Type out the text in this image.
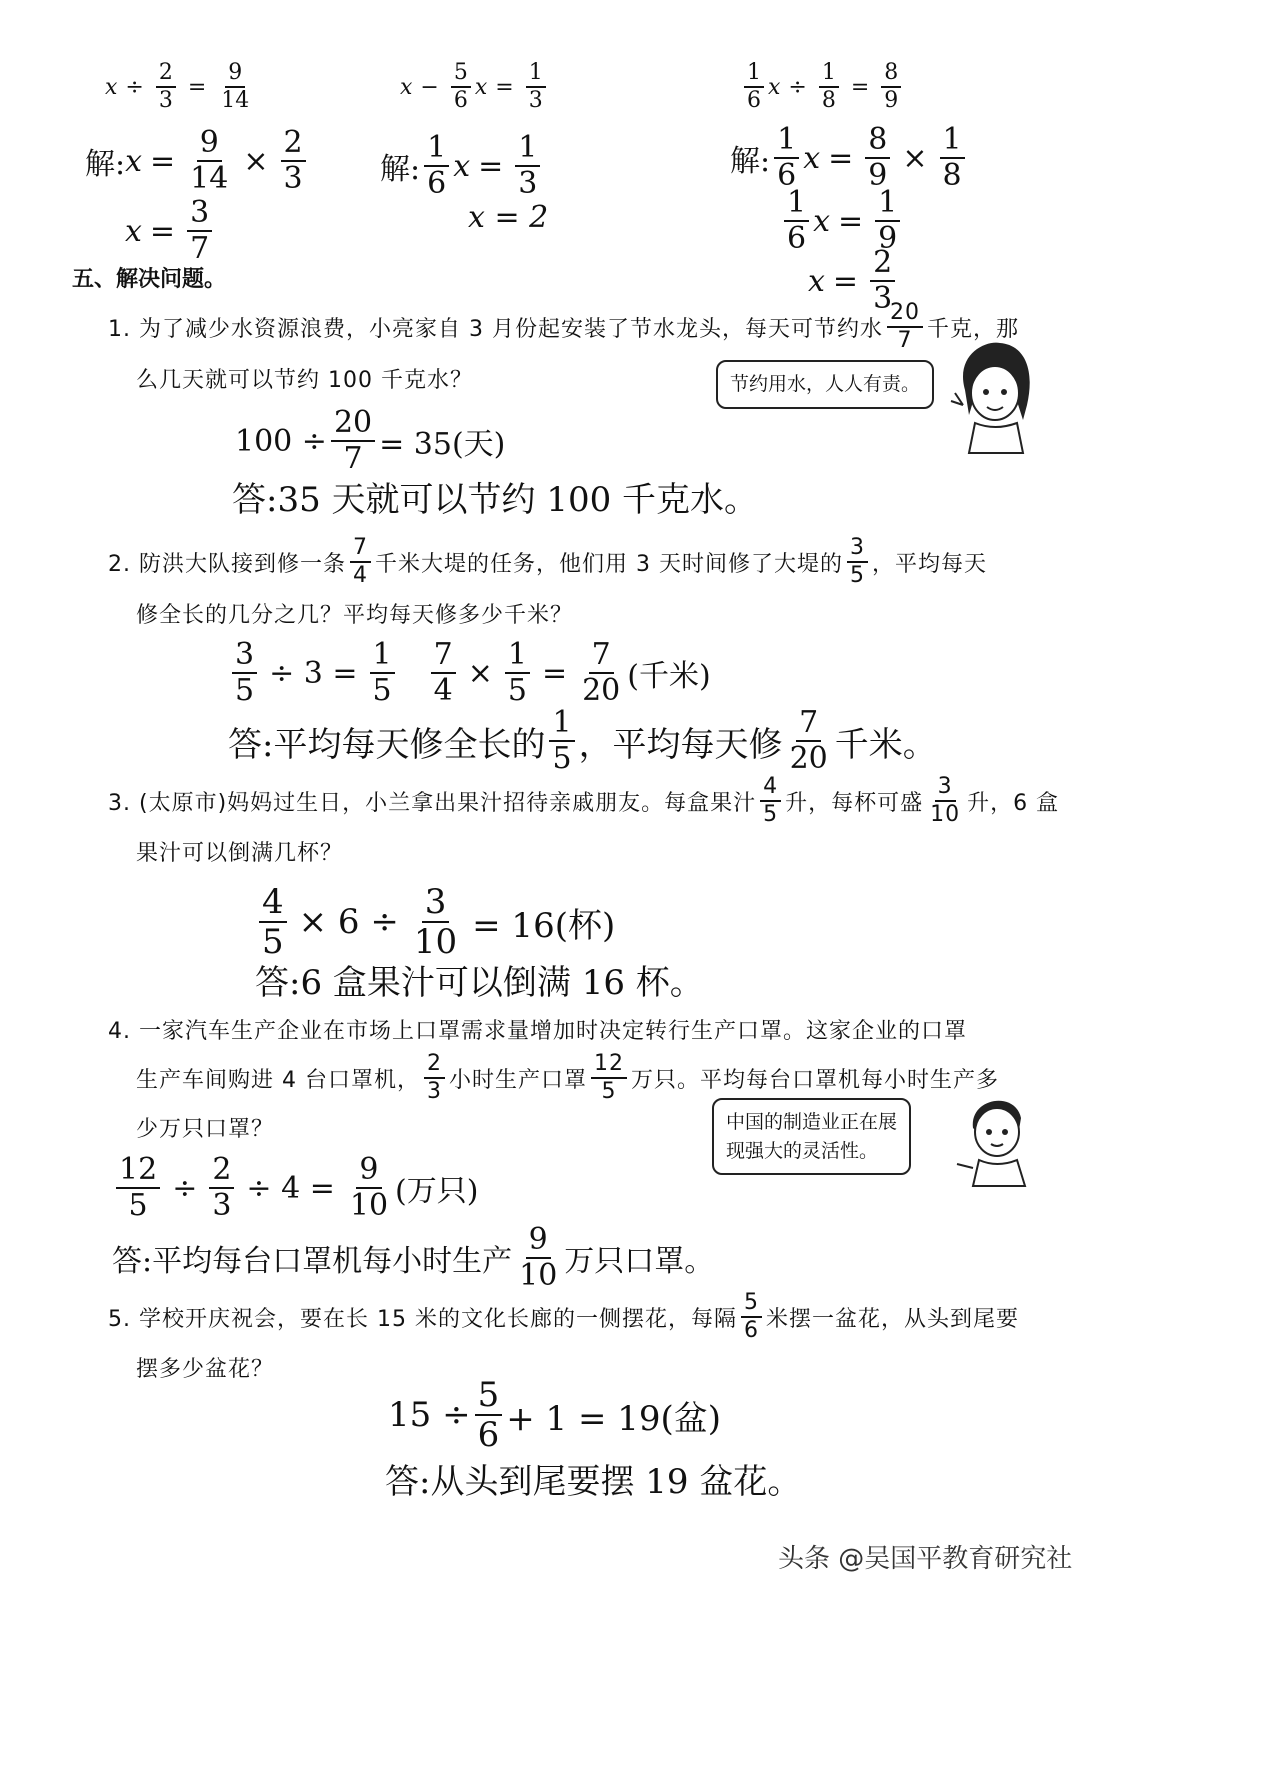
$x \div \frac{2}{3} = \frac{9}{14}$
解: $x = \frac{9}{14} \times \frac{2}{3}$
$x = \frac{3}{7}$
$x - \frac{5}{6}$ $x = \frac{1}{3}$
解: $\frac{1}{6}$ $x = \frac{1}{3}$
x = 2
$\frac{1}{6}$ $x \div \frac{1}{8} = \frac{8}{9}$
解: $\frac{1}{6}$ $x = \frac{8}{9} \times \frac{1}{8}$
$\frac{1}{6}$ $x = \frac{1}{9}$
$x = \frac{2}{3}$
五、解决问题。
1. 为了减少水资源浪费，小亮家自 3 月份起安装了节水龙头，每天可节约水 $\frac{20}{7}$ 千克，那
么几天就可以节约 100 千克水？	节约用水，人人有责。
$100 \div \frac{20}{7} = 35$(天)
答:35 天就可以节约 100 千克水。
2. 防洪大队接到修一条 $\frac{7}{4}$ 千米大堤的任务，他们用 3 天时间修了大堤的 $\frac{3}{5}$ ，平均每天
修全长的几分之几？平均每天修多少千米？
$\frac{3}{5} \div 3 = \frac{1}{5} \frac{7}{4} \times \frac{1}{5} = \frac{7}{20}$ (千米)
答:平均每天修全长的 $\frac{1}{5}$ ，平均每天修 $\frac{7}{20}$ 千米。
3. (太原市)妈妈过生日，小兰拿出果汁招待亲戚朋友。每盒果汁 $\frac{4}{5}$ 升，每杯可盛 $\frac{3}{10}$ 升，6 盒
果汁可以倒满几杯？
$\frac{4}{5} \times 6 \div \frac{3}{10} = 16$(杯)
答:6 盒果汁可以倒满 16 杯。
4. 一家汽车生产企业在市场上口罩需求量增加时决定转行生产口罩。这家企业的口罩
生产车间购进 4 台口罩机， $\frac{2}{3}$ 小时生产口罩 $\frac{12}{5}$ 万只。平均每台口罩机每小时生产多
少万只口罩？	中国的制造业正在展
现强大的灵活性。
$\frac{12}{5} \div \frac{2}{3} \div 4 = \frac{9}{10}$ (万只)
答:平均每台口罩机每小时生产 $\frac{9}{10}$ 万只口罩。
5. 学校开庆祝会，要在长 15 米的文化长廊的一侧摆花，每隔 $\frac{5}{6}$ 米摆一盆花，从头到尾要
摆多少盆花？
$15 \div \frac{5}{6} + 1 = 19$(盆)
答:从头到尾要摆 19 盆花。
头条 @吴国平教育研究社
